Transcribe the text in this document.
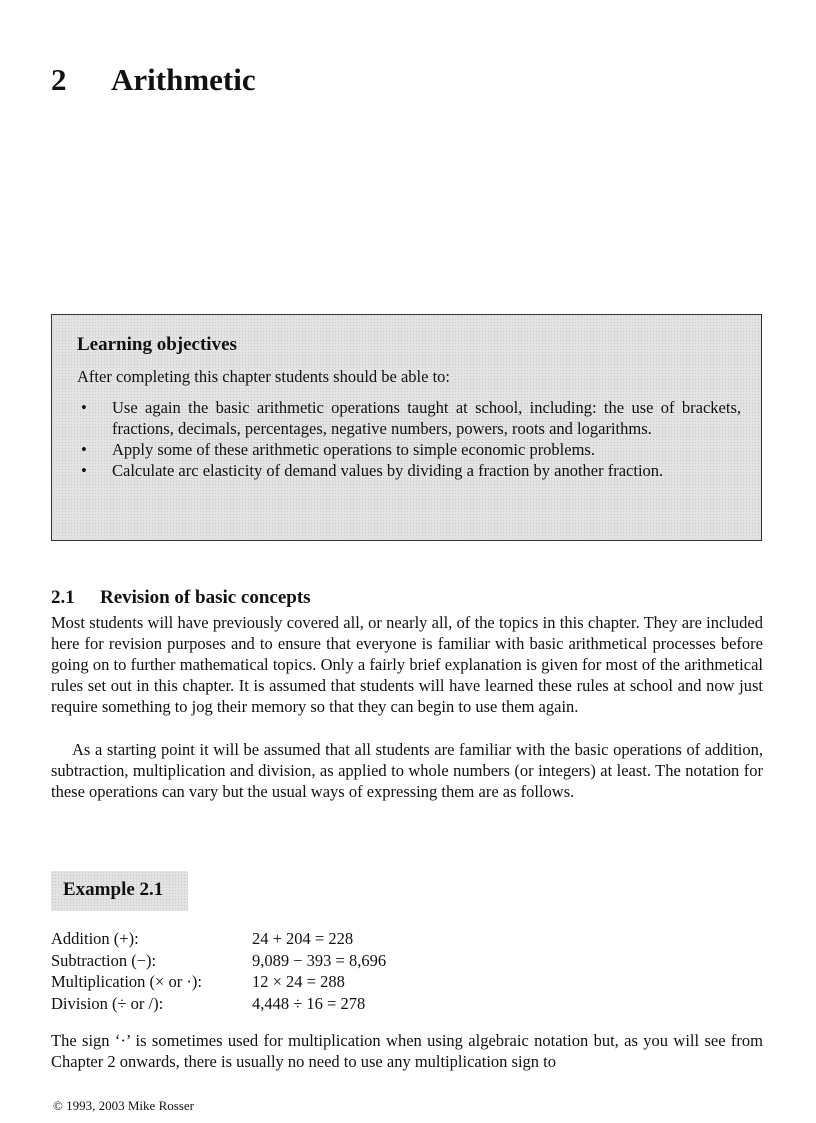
2 Arithmetic
Learning objectives
After completing this chapter students should be able to:
• Use again the basic arithmetic operations taught at school, including: the use of brackets, fractions, decimals, percentages, negative numbers, powers, roots and logarithms.
• Apply some of these arithmetic operations to simple economic problems.
• Calculate arc elasticity of demand values by dividing a fraction by another fraction.
2.1 Revision of basic concepts

Most students will have previously covered all, or nearly all, of the topics in this chapter. They are included here for revision purposes and to ensure that everyone is familiar with basic arithmetical processes before going on to further mathematical topics. Only a fairly brief explanation is given for most of the arithmetical rules set out in this chapter. It is assumed that students will have learned these rules at school and now just require something to jog their memory so that they can begin to use them again.

As a starting point it will be assumed that all students are familiar with the basic operations of addition, subtraction, multiplication and division, as applied to whole numbers (or integers) at least. The notation for these operations can vary but the usual ways of expressing them are as follows.

Example 2.1
Addition (+):	24 + 204 = 228
Subtraction (−):	9,089 − 393 = 8,696
Multiplication (× or ·):	12 × 24 = 288
Division (÷ or /):	4,448 ÷ 16 = 278

The sign ‘·’ is sometimes used for multiplication when using algebraic notation but, as you will see from Chapter 2 onwards, there is usually no need to use any multiplication sign to

© 1993, 2003 Mike Rosser
